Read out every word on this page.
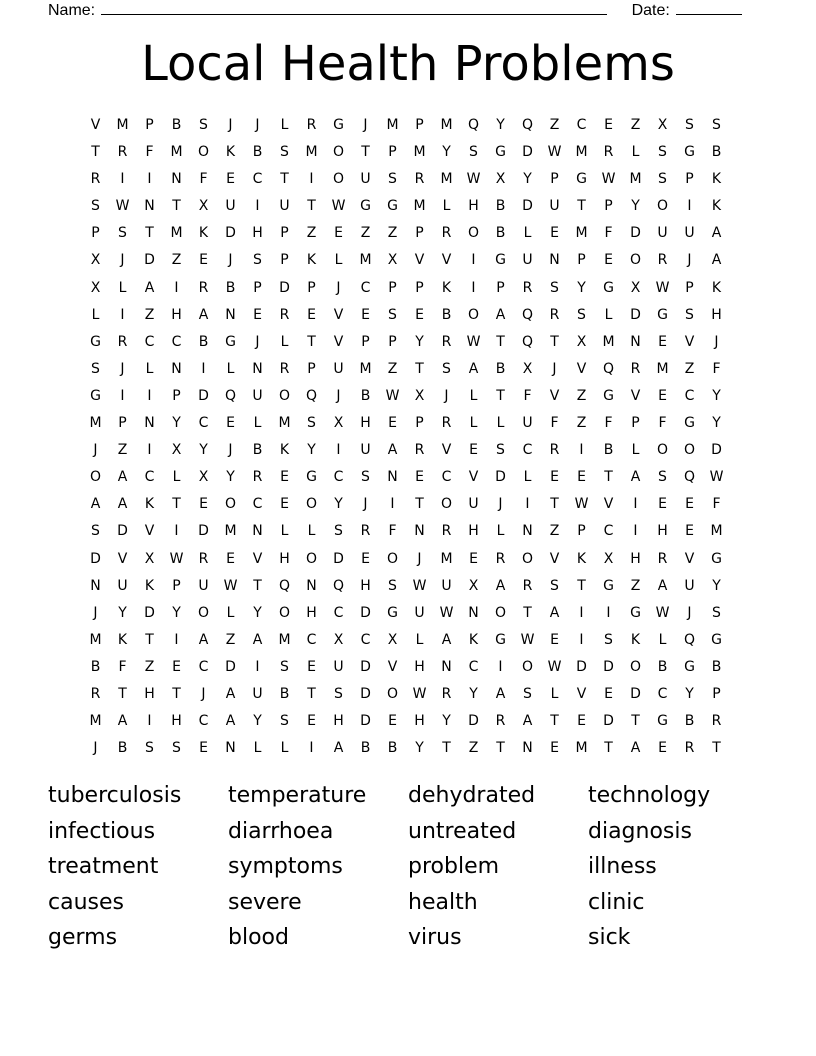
Name:	Date:
Local Health Problems
V	M	P	B	S	J	J	L	R	G	J	M	P	M	Q	Y	Q	Z	C	E	Z	X	S	S
T	R	F	M	O	K	B	S	M	O	T	P	M	Y	S	G	D	W	M	R	L	S	G	B
R	I	I	N	F	E	C	T	I	O	U	S	R	M	W	X	Y	P	G	W	M	S	P	K
S	W	N	T	X	U	I	U	T	W	G	G	M	L	H	B	D	U	T	P	Y	O	I	K
P	S	T	M	K	D	H	P	Z	E	Z	Z	P	R	O	B	L	E	M	F	D	U	U	A
X	J	D	Z	E	J	S	P	K	L	M	X	V	V	I	G	U	N	P	E	O	R	J	A
X	L	A	I	R	B	P	D	P	J	C	P	P	K	I	P	R	S	Y	G	X	W	P	K
L	I	Z	H	A	N	E	R	E	V	E	S	E	B	O	A	Q	R	S	L	D	G	S	H
G	R	C	C	B	G	J	L	T	V	P	P	Y	R	W	T	Q	T	X	M	N	E	V	J
S	J	L	N	I	L	N	R	P	U	M	Z	T	S	A	B	X	J	V	Q	R	M	Z	F
G	I	I	P	D	Q	U	O	Q	J	B	W	X	J	L	T	F	V	Z	G	V	E	C	Y
M	P	N	Y	C	E	L	M	S	X	H	E	P	R	L	L	U	F	Z	F	P	F	G	Y
J	Z	I	X	Y	J	B	K	Y	I	U	A	R	V	E	S	C	R	I	B	L	O	O	D
O	A	C	L	X	Y	R	E	G	C	S	N	E	C	V	D	L	E	E	T	A	S	Q	W
A	A	K	T	E	O	C	E	O	Y	J	I	T	O	U	J	I	T	W	V	I	E	E	F
S	D	V	I	D	M	N	L	L	S	R	F	N	R	H	L	N	Z	P	C	I	H	E	M
D	V	X	W	R	E	V	H	O	D	E	O	J	M	E	R	O	V	K	X	H	R	V	G
N	U	K	P	U	W	T	Q	N	Q	H	S	W	U	X	A	R	S	T	G	Z	A	U	Y
J	Y	D	Y	O	L	Y	O	H	C	D	G	U	W	N	O	T	A	I	I	G	W	J	S
M	K	T	I	A	Z	A	M	C	X	C	X	L	A	K	G	W	E	I	S	K	L	Q	G
B	F	Z	E	C	D	I	S	E	U	D	V	H	N	C	I	O	W	D	D	O	B	G	B
R	T	H	T	J	A	U	B	T	S	D	O	W	R	Y	A	S	L	V	E	D	C	Y	P
M	A	I	H	C	A	Y	S	E	H	D	E	H	Y	D	R	A	T	E	D	T	G	B	R
J	B	S	S	E	N	L	L	I	A	B	B	Y	T	Z	T	N	E	M	T	A	E	R	T
tuberculosis	temperature	dehydrated	technology
infectious	diarrhoea	untreated	diagnosis
treatment	symptoms	problem	illness
causes	severe	health	clinic
germs	blood	virus	sick
